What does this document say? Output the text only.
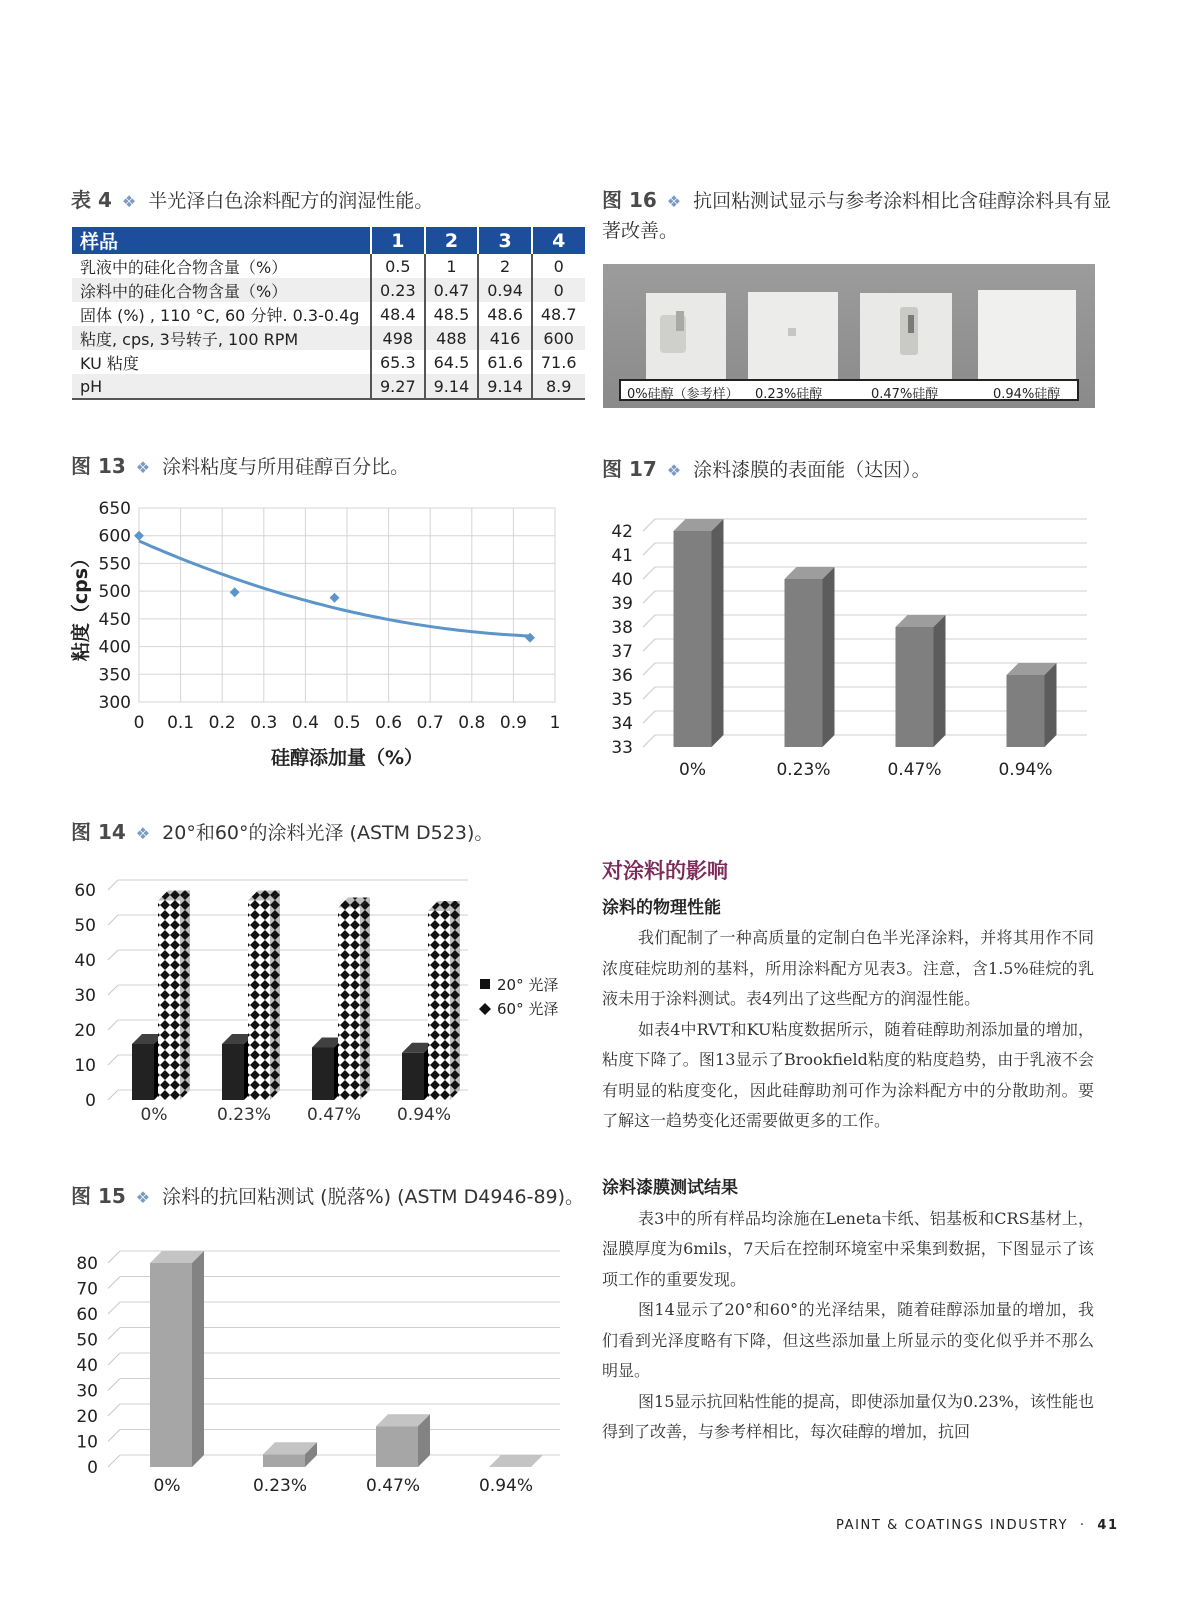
表 4 ❖ 半光泽白色涂料配方的润湿性能。
样品	1	2	3	4
乳液中的硅化合物含量（%）	0.5	1	2	0
涂料中的硅化合物含量（%）	0.23	0.47	0.94	0
固体 (%) , 110 °C, 60 分钟. 0.3-0.4g	48.4	48.5	48.6	48.7
粘度, cps, 3号转子, 100 RPM	498	488	416	600
KU 粘度	65.3	64.5	61.6	71.6
pH	9.27	9.14	9.14	8.9
图 16 ❖ 抗回粘测试显示与参考涂料相比含硅醇涂料具有显
著改善。
0%硅醇（参考样） 0.23%硅醇	0.47%硅醇	0.94%硅醇
图 13 ❖ 涂料粘度与所用硅醇百分比。
300
350
400
450
500
550
600
650
0 0.1 0.2 0.3 0.4 0.5 0.6 0.7 0.8 0.9 1
硅醇添加量（%）
粘度（cps）
图 17 ❖ 涂料漆膜的表面能（达因）。
33
34
35
36
37
38
39
40
41
42
0%	0.23%	0.47%	0.94%
图 14 ❖ 20°和60°的涂料光泽 (ASTM D523)。
0
10
20
30
40
50
60
0%	0.23% 0.47% 0.94%
20° 光泽
60° 光泽
图 15 ❖ 涂料的抗回粘测试 (脱落%) (ASTM D4946-89)。
0
10
20
30
40
50
60
70
80
0%	0.23%	0.47%	0.94%
对涂料的影响
涂料的物理性能

我们配制了一种高质量的定制白色半光泽涂料，并将其用作不同浓度硅烷助剂的基料，所用涂料配方见表3。注意，含1.5%硅烷的乳液未用于涂料测试。表4列出了这些配方的润湿性能。

如表4中RVT和KU粘度数据所示，随着硅醇助剂添加量的增加，粘度下降了。图13显示了Brookfield粘度的粘度趋势，由于乳液不会有明显的粘度变化，因此硅醇助剂可作为涂料配方中的分散助剂。要了解这一趋势变化还需要做更多的工作。

涂料漆膜测试结果

表3中的所有样品均涂施在Leneta卡纸、铝基板和CRS基材上，湿膜厚度为6mils，7天后在控制环境室中采集到数据，下图显示了该项工作的重要发现。

图14显示了20°和60°的光泽结果，随着硅醇添加量的增加，我们看到光泽度略有下降，但这些添加量上所显示的变化似乎并不那么明显。

图15显示抗回粘性能的提高，即使添加量仅为0.23%，该性能也得到了改善，与参考样相比，每次硅醇的增加，抗回

PAINT & COATINGS INDUSTRY · 41
